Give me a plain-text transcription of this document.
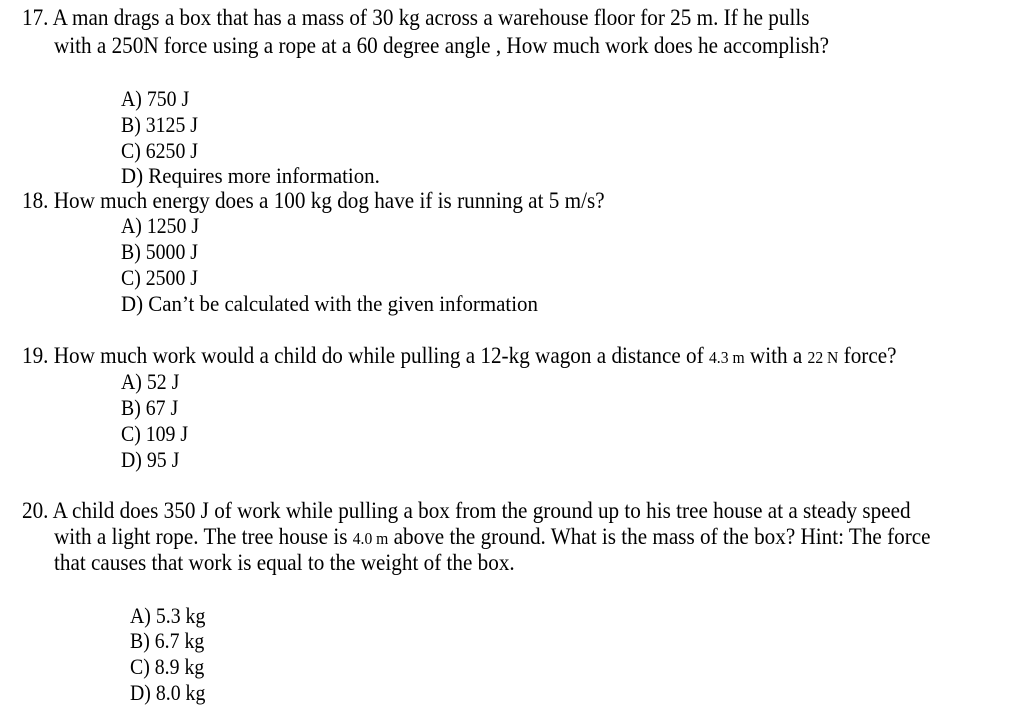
17. A man drags a box that has a mass of 30 kg across a warehouse floor for 25 m. If he pulls
with a 250N force using a rope at a 60 degree angle , How much work does he accomplish?
A) 750 J
B) 3125 J
C) 6250 J
D) Requires more information.
18. How much energy does a 100 kg dog have if is running at 5 m/s?
A) 1250 J
B) 5000 J
C) 2500 J
D) Can’t be calculated with the given information
19. How much work would a child do while pulling a 12-kg wagon a distance of 4.3 m with a 22 N force?
A) 52 J
B) 67 J
C) 109 J
D) 95 J
20. A child does 350 J of work while pulling a box from the ground up to his tree house at a steady speed
with a light rope. The tree house is 4.0 m above the ground. What is the mass of the box? Hint: The force
that causes that work is equal to the weight of the box.
A) 5.3 kg
B) 6.7 kg
C) 8.9 kg
D) 8.0 kg
